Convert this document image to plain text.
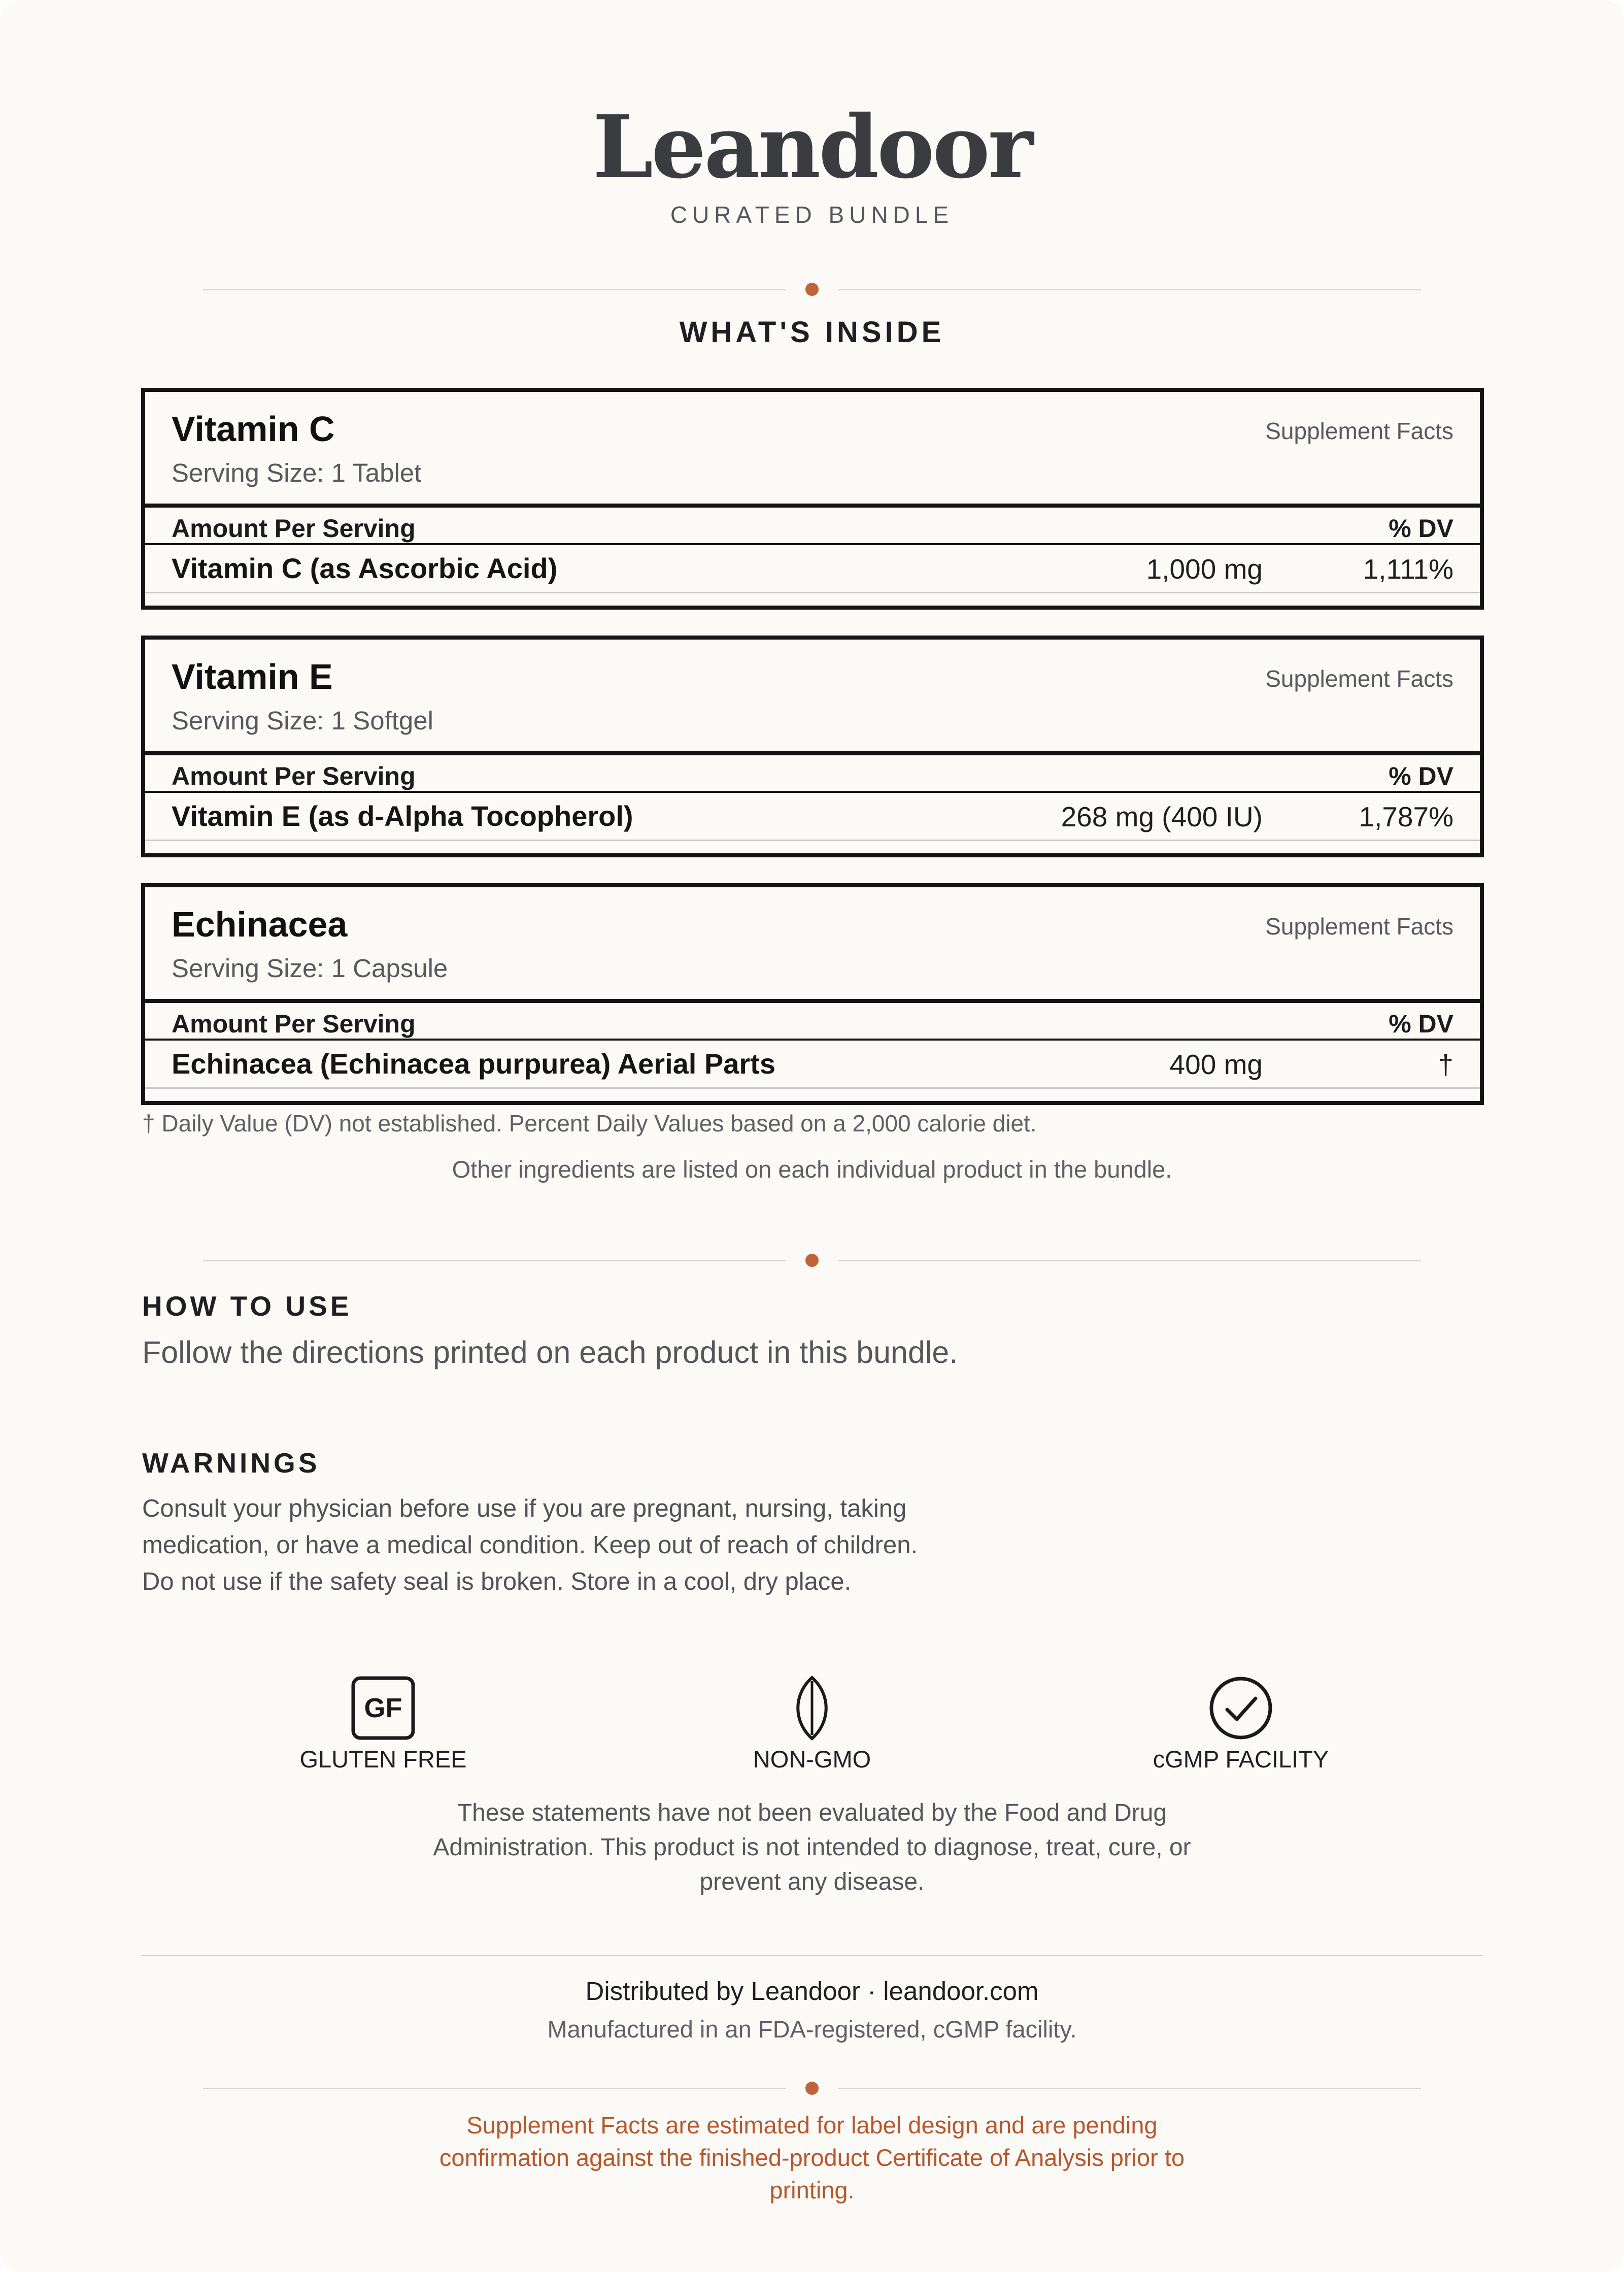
Leandoor
CURATED BUNDLE
WHAT'S INSIDE
Vitamin C	Supplement Facts
Serving Size: 1 Tablet
Amount Per Serving	% DV
Vitamin C (as Ascorbic Acid)	1,000 mg	1,111%
Vitamin E	Supplement Facts
Serving Size: 1 Softgel
Amount Per Serving	% DV
Vitamin E (as d-Alpha Tocopherol)	268 mg (400 IU)	1,787%
Echinacea	Supplement Facts
Serving Size: 1 Capsule
Amount Per Serving	% DV
Echinacea (Echinacea purpurea) Aerial Parts	400 mg	†
† Daily Value (DV) not established. Percent Daily Values based on a 2,000 calorie diet.
Other ingredients are listed on each individual product in the bundle.
HOW TO USE
Follow the directions printed on each product in this bundle.
WARNINGS
Consult your physician before use if you are pregnant, nursing, taking medication, or have a medical condition. Keep out of reach of children. Do not use if the safety seal is broken. Store in a cool, dry place.
GF
GLUTEN FREE	NON-GMO	cGMP FACILITY
These statements have not been evaluated by the Food and Drug Administration. This product is not intended to diagnose, treat, cure, or prevent any disease.
Distributed by Leandoor · leandoor.com
Manufactured in an FDA-registered, cGMP facility.
Supplement Facts are estimated for label design and are pending confirmation against the finished-product Certificate of Analysis prior to printing.
